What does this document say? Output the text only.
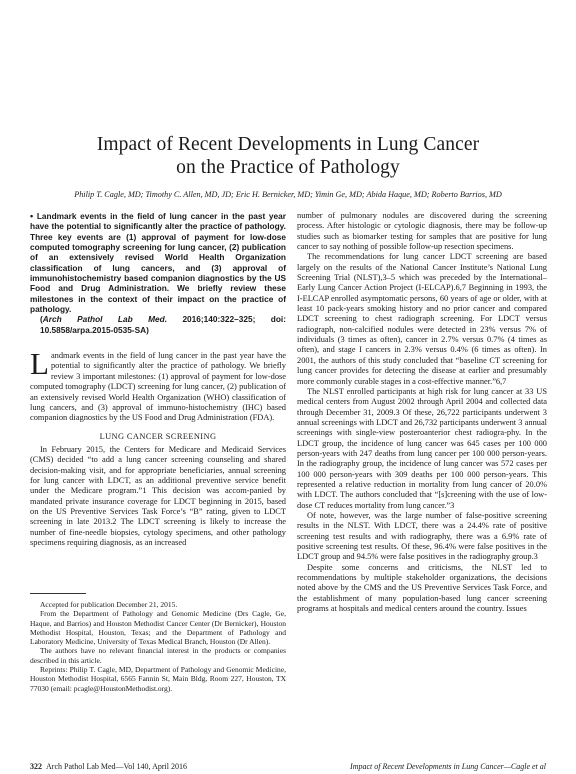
Impact of Recent Developments in Lung Cancer
on the Practice of Pathology
Philip T. Cagle, MD; Timothy C. Allen, MD, JD; Eric H. Bernicker, MD; Yimin Ge, MD; Abida Haque, MD; Roberto Barrios, MD

• Landmark events in the field of lung cancer in the past year have the potential to significantly alter the practice of pathology. Three key events are (1) approval of payment for low-dose computed tomography screening for lung cancer, (2) publication of an extensively revised World Health Organization classification of lung cancers, and (3) approval of immunohistochemistry based companion diagnostics by the US Food and Drug Administration. We briefly review these milestones in the context of their impact on the practice of pathology.

(Arch Pathol Lab Med. 2016;140:322–325; doi: 10.5858/arpa.2015-0535-SA)

Landmark events in the field of lung cancer in the past year have the potential to significantly alter the practice of pathology. We briefly review 3 important milestones: (1) approval of payment for low-dose computed tomography (LDCT) screening for lung cancer, (2) publication of an extensively revised World Health Organization (WHO) classification of lung cancers, and (3) approval of immuno-histochemistry (IHC) based companion diagnostics by the US Food and Drug Administration (FDA).

LUNG CANCER SCREENING

In February 2015, the Centers for Medicare and Medicaid Services (CMS) decided “to add a lung cancer screening counseling and shared decision-making visit, and for appropriate beneficiaries, annual screening for lung cancer with LDCT, as an additional preventive service benefit under the Medicare program.”1 This decision was accom-panied by mandated private insurance coverage for LDCT beginning in 2015, based on the US Preventive Services Task Force’s “B” rating, given to LDCT screening in late 2013.2 The LDCT screening is likely to increase the number of fine-needle biopsies, cytology specimens, and other pathology specimens requiring diagnosis, as an increased

Accepted for publication December 21, 2015.

From the Department of Pathology and Genomic Medicine (Drs Cagle, Ge, Haque, and Barrios) and Houston Methodist Cancer Center (Dr Bernicker), Houston Methodist Hospital, Houston, Texas; and the Department of Pathology and Laboratory Medicine, University of Texas Medical Branch, Houston (Dr Allen).

The authors have no relevant financial interest in the products or companies described in this article.

Reprints: Philip T. Cagle, MD, Department of Pathology and Genomic Medicine, Houston Methodist Hospital, 6565 Fannin St, Main Bldg, Room 227, Houston, TX 77030 (email: pcagle@HoustonMethodist.org).

number of pulmonary nodules are discovered during the screening process. After histologic or cytologic diagnosis, there may be follow-up studies such as biomarker testing for samples that are positive for lung cancer to say nothing of possible follow-up resection specimens.

The recommendations for lung cancer LDCT screening are based largely on the results of the National Cancer Institute’s National Lung Screening Trial (NLST),3–5 which was preceded by the International–Early Lung Cancer Action Project (I-ELCAP).6,7 Beginning in 1993, the I-ELCAP enrolled asymptomatic persons, 60 years of age or older, with at least 10 pack-years smoking history and no prior cancer and compared LDCT screening to chest radiograph screening. For LDCT versus radiograph, non-calcified nodules were detected in 23% versus 7% of individuals (3 times as often), cancer in 2.7% versus 0.7% (4 times as often), and stage I cancers in 2.3% versus 0.4% (6 times as often). In 2001, the authors of this study concluded that “baseline CT screening for lung cancer provides for detecting the disease at earlier and presumably more commonly curable stages in a cost-effective manner.”6,7

The NLST enrolled participants at high risk for lung cancer at 33 US medical centers from August 2002 through April 2004 and collected data through December 31, 2009.3 Of these, 26,722 participants underwent 3 annual screenings with LDCT and 26,732 participants underwent 3 annual screenings with single-view posteroanterior chest radiogra-phy. In the LDCT group, the incidence of lung cancer was 645 cases per 100 000 person-years with 247 deaths from lung cancer per 100 000 person-years. In the radiography group, the incidence of lung cancer was 572 cases per 100 000 person-years with 309 deaths per 100 000 person-years. This represented a relative reduction in mortality from lung cancer of 20.0% with LDCT. The authors concluded that “[s]creening with the use of low-dose CT reduces mortality from lung cancer.”3

Of note, however, was the large number of false-positive screening results in the NLST. With LDCT, there was a 24.4% rate of positive screening test results and with radiography, there was a 6.9% rate of positive screening test results. Of these, 96.4% were false positives in the LDCT group and 94.5% were false positives in the radiography group.3

Despite some concerns and criticisms, the NLST led to recommendations by multiple stakeholder organizations, the decisions noted above by the CMS and the US Preventive Services Task Force, and the establishment of many population-based lung cancer screening programs at hospitals and medical centers around the country. Issues

322 Arch Pathol Lab Med—Vol 140, April 2016	Impact of Recent Developments in Lung Cancer—Cagle et al
